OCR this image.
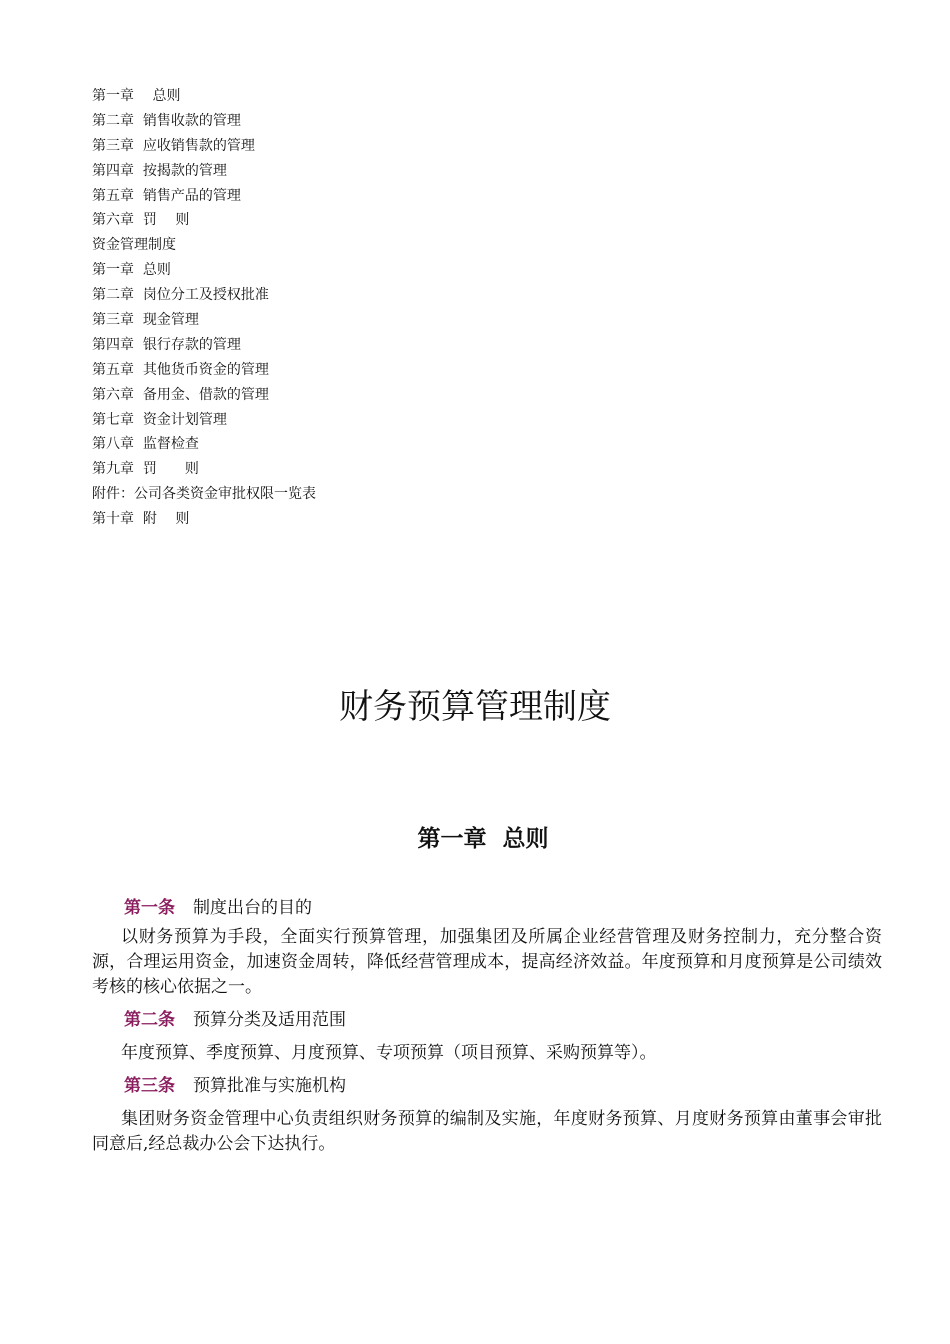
第一章　 总则
第二章  销售收款的管理
第三章  应收销售款的管理
第四章  按揭款的管理
第五章  销售产品的管理
第六章  罚　 则
资金管理制度
第一章  总则
第二章  岗位分工及授权批准
第三章  现金管理
第四章  银行存款的管理
第五章  其他货币资金的管理
第六章  备用金、借款的管理
第七章  资金计划管理
第八章  监督检查
第九章  罚　　则
附件：公司各类资金审批权限一览表
第十章  附　 则
财务预算管理制度
第一章  总则

第一条 制度出台的目的

以财务预算为手段，全面实行预算管理，加强集团及所属企业经营管理及财务控制力，充分整合资源，合理运用资金，加速资金周转，降低经营管理成本，提高经济效益。年度预算和月度预算是公司绩效考核的核心依据之一。

第二条 预算分类及适用范围

年度预算、季度预算、月度预算、专项预算（项目预算、采购预算等）。

第三条 预算批准与实施机构

集团财务资金管理中心负责组织财务预算的编制及实施，年度财务预算、月度财务预算由董事会审批同意后,经总裁办公会下达执行。
